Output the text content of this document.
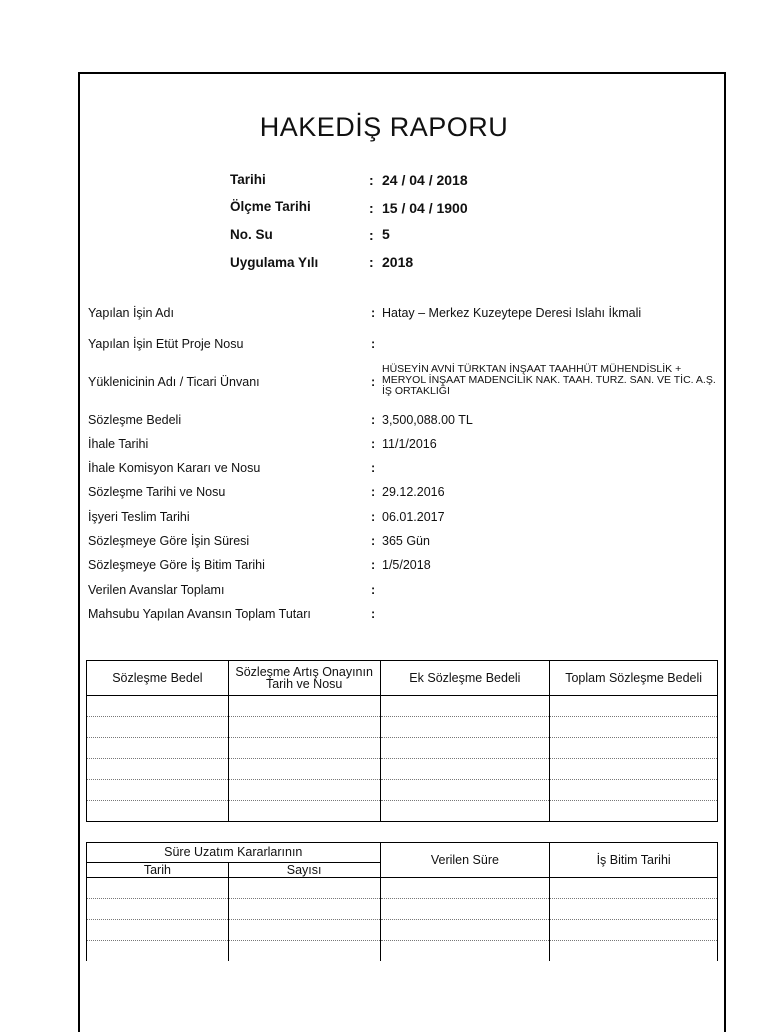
HAKEDİŞ RAPORU
Tarihi	: 24 / 04 / 2018
Ölçme Tarihi	: 15 / 04 / 1900
No. Su	: 5
Uygulama Yılı	: 2018
Yapılan İşin Adı	: Hatay – Merkez Kuzeytepe Deresi Islahı İkmali
Yapılan İşin Etüt Proje Nosu	:
Yüklenicinin Adı / Ticari Ünvanı	:
HÜSEYİN AVNİ TÜRKTAN İNŞAAT TAAHHÜT MÜHENDİSLİK + MERYOL İNŞAAT MADENCİLİK NAK. TAAH. TURZ. SAN. VE TİC. A.Ş. İŞ ORTAKLIĞI
Sözleşme Bedeli	: 3,500,088.00 TL
İhale Tarihi	: 11/1/2016
İhale Komisyon Kararı ve Nosu	:
Sözleşme Tarihi ve Nosu	: 29.12.2016
İşyeri Teslim Tarihi	: 06.01.2017
Sözleşmeye Göre İşin Süresi	: 365 Gün
Sözleşmeye Göre İş Bitim Tarihi	: 1/5/2018
Verilen Avanslar Toplamı	:
Mahsubu Yapılan Avansın Toplam Tutarı	:
Sözleşme Bedel	Sözleşme Artış Onayının Tarih ve Nosu	Ek Sözleşme Bedeli	Toplam Sözleşme Bedeli

Süre Uzatım Kararlarının		Verilen Süre	İş Bitim Tarihi
Tarih	Sayısı		
